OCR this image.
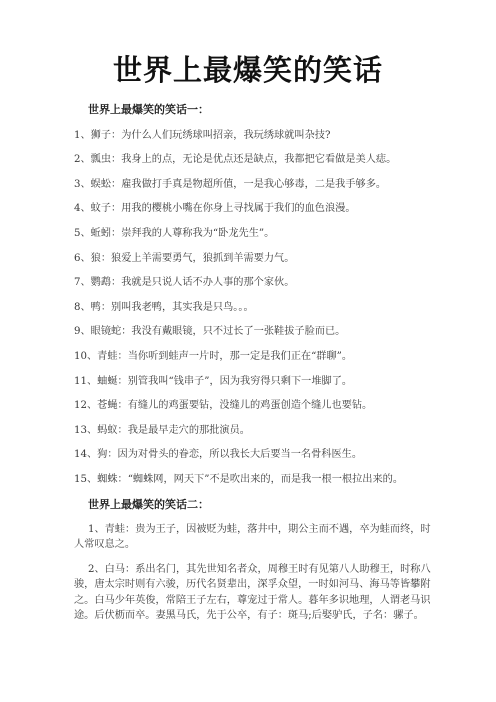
世界上最爆笑的笑话
世界上最爆笑的笑话一：
1、狮子：为什么人们玩绣球叫招亲，我玩绣球就叫杂技?
2、瓢虫：我身上的点，无论是优点还是缺点，我都把它看做是美人痣。
3、蜈蚣：雇我做打手真是物超所值，一是我心够毒，二是我手够多。
4、蚊子：用我的樱桃小嘴在你身上寻找属于我们的血色浪漫。
5、蚯蚓：崇拜我的人尊称我为“卧龙先生”。
6、狼：狼爱上羊需要勇气，狼抓到羊需要力气。
7、鹦鹉：我就是只说人话不办人事的那个家伙。
8、鸭：别叫我老鸭，其实我是只鸟。。。
9、眼镜蛇：我没有戴眼镜，只不过长了一张鞋拔子脸而已。
10、青蛙：当你听到蛙声一片时，那一定是我们正在“群聊”。
11、蚰蜒：别管我叫“钱串子”，因为我穷得只剩下一堆脚了。
12、苍蝇：有缝儿的鸡蛋要钻，没缝儿的鸡蛋创造个缝儿也要钻。
13、蚂蚁：我是最早走穴的那批演员。
14、狗：因为对骨头的眷恋，所以我长大后要当一名骨科医生。
15、蜘蛛：“蜘蛛网，网天下”不是吹出来的，而是我一根一根拉出来的。
世界上最爆笑的笑话二：
1、青蛙：贵为王子，因被贬为蛙，落井中，期公主而不遇，卒为蛙而终，时人常叹息之。
2、白马：系出名门，其先世知名者众，周穆王时有见第八人助穆王，时称八骏，唐太宗时则有六骏，历代名贤辈出，深孚众望，一时如河马、海马等皆攀附之。白马少年英俊，常陪王子左右，尊宠过于常人。暮年多识地理，人谓老马识途。后伏枥而卒。妻黑马氏，先于公卒，有子：斑马;后娶驴氏，子名：骡子。
